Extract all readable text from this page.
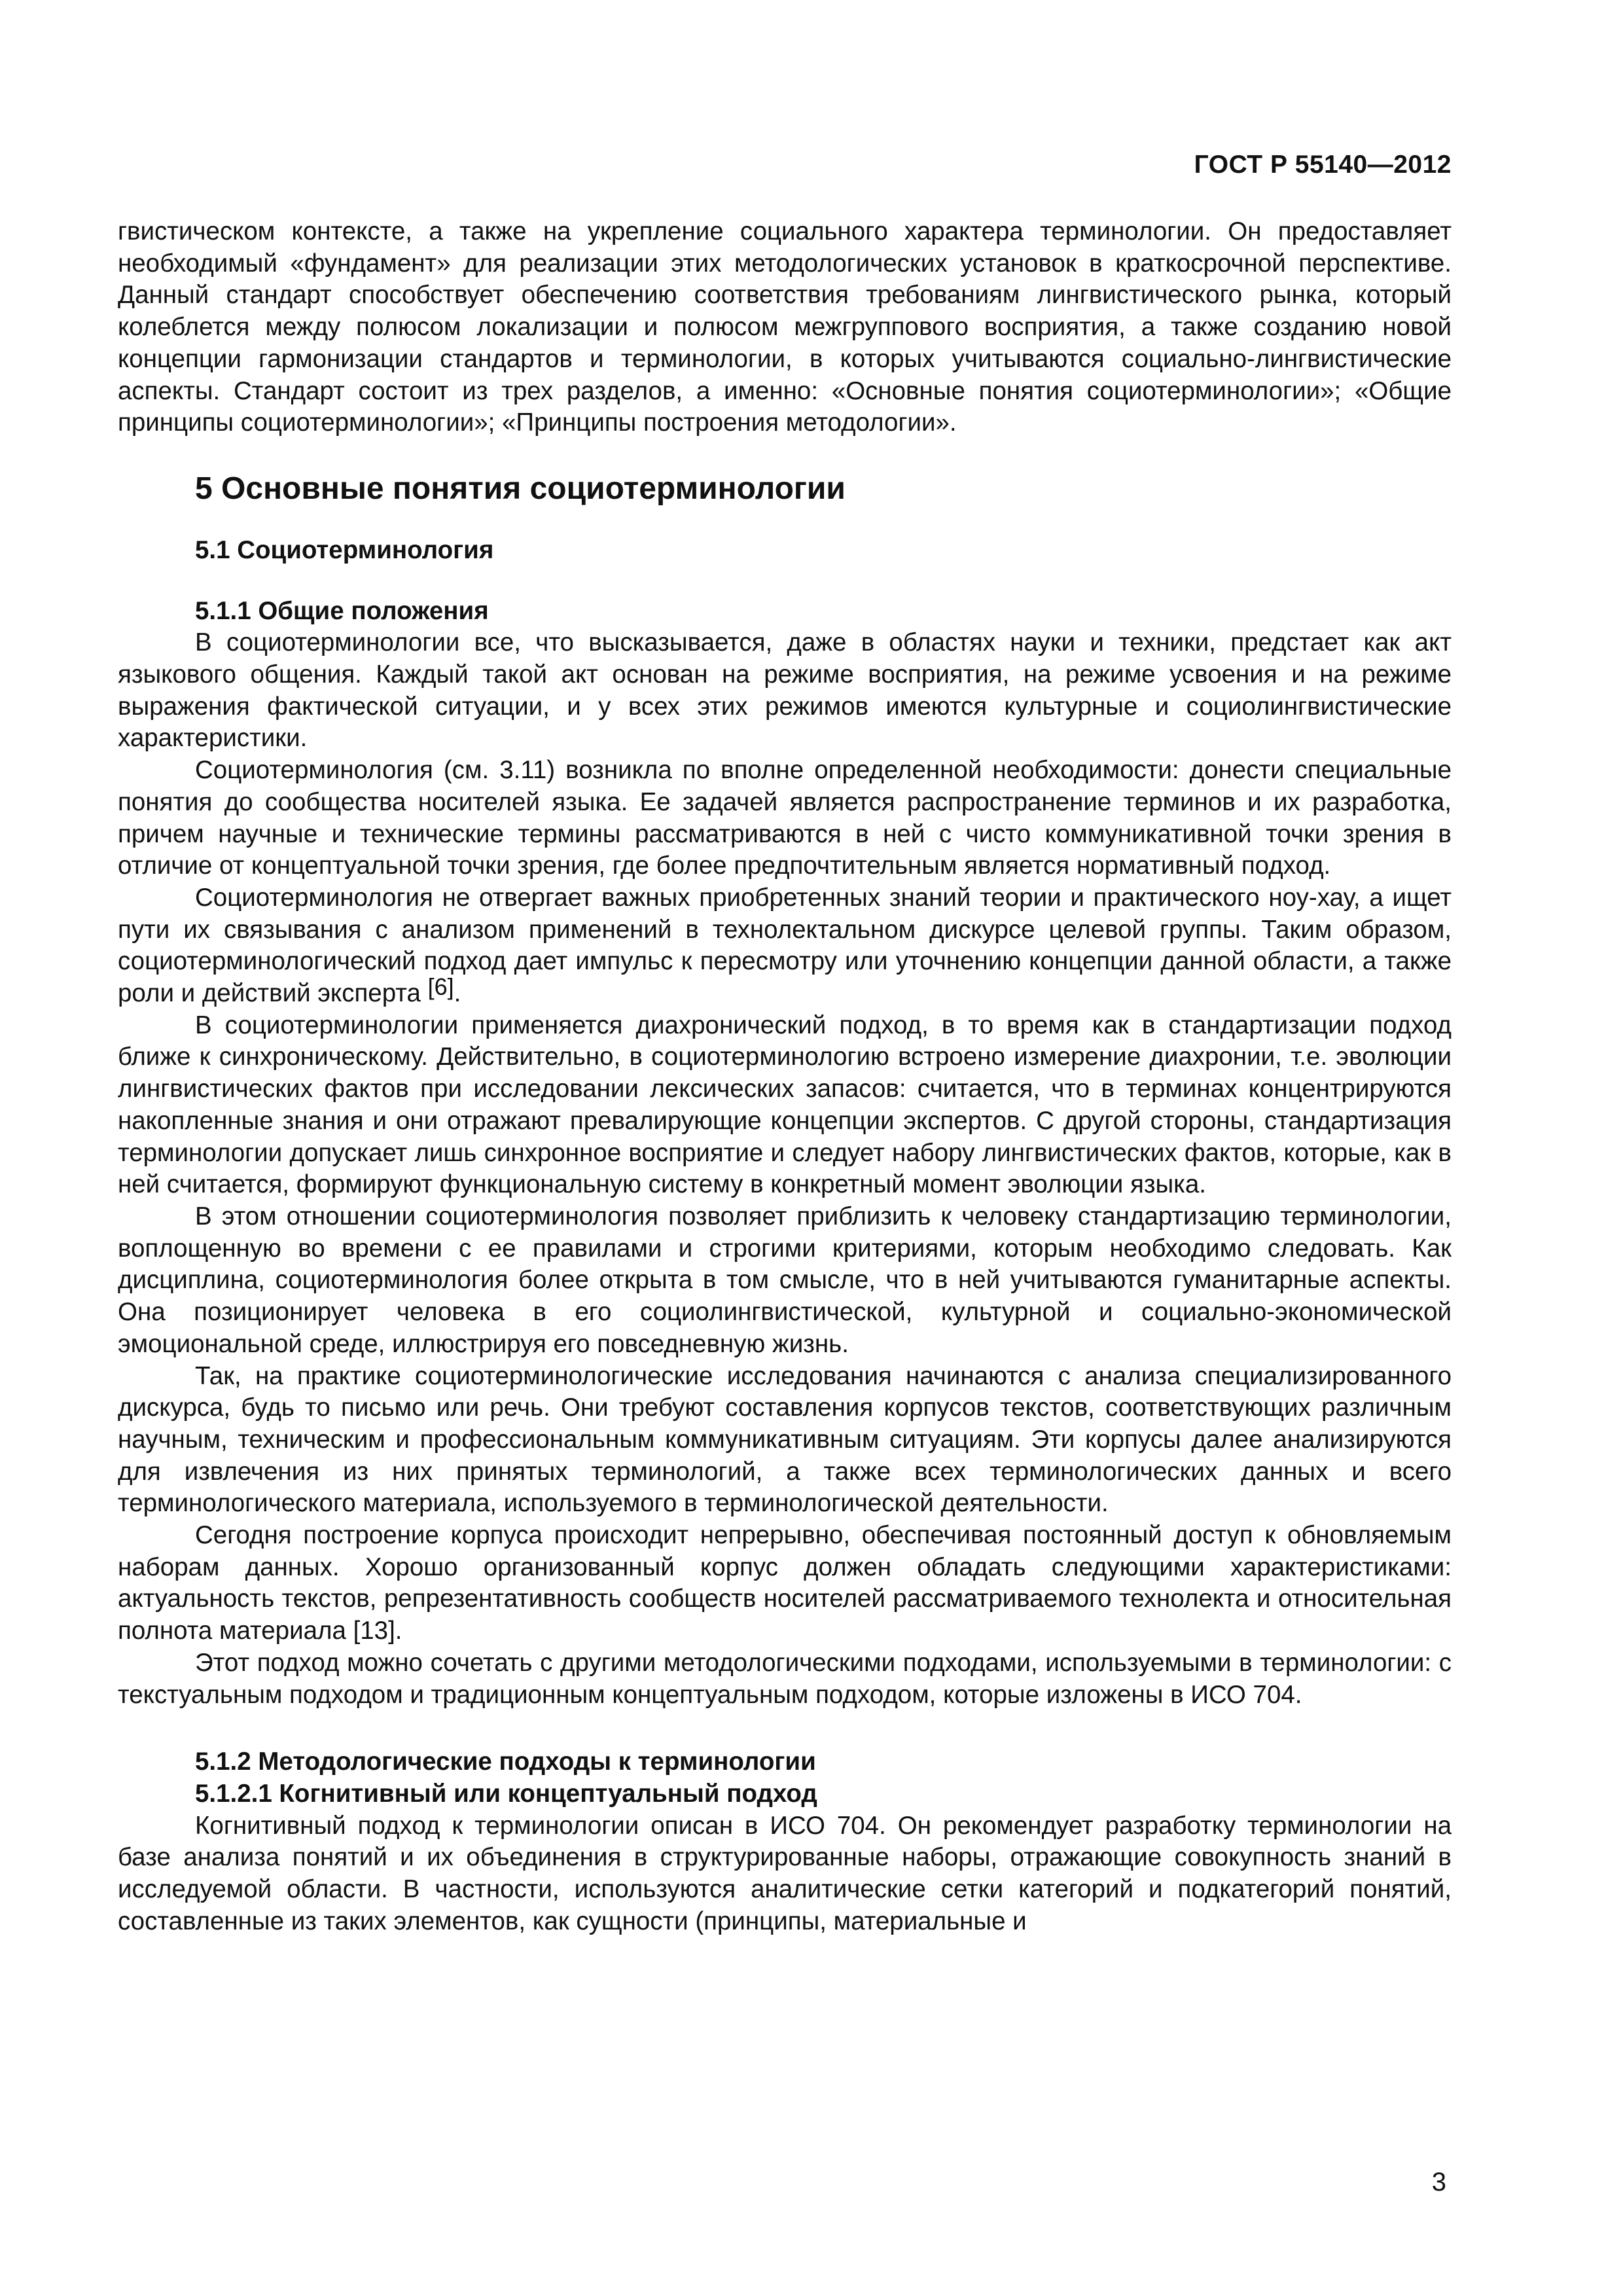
ГОСТ Р 55140—2012

гвистическом контексте, а также на укрепление социального характера терминологии. Он предоставляет необходимый «фундамент» для реализации этих методологических установок в краткосрочной перспективе. Данный стандарт способствует обеспечению соответствия требованиям лингвистического рынка, который колеблется между полюсом локализации и полюсом межгруппового восприятия, а также созданию новой концепции гармонизации стандартов и терминологии, в которых учитываются социально-лингвистические аспекты. Стандарт состоит из трех разделов, а именно: «Основные понятия социотерминологии»; «Общие принципы социотерминологии»; «Принципы построения методологии».

5 Основные понятия социотерминологии
5.1 Социотерминология
5.1.1 Общие положения

В социотерминологии все, что высказывается, даже в областях науки и техники, предстает как акт языкового общения. Каждый такой акт основан на режиме восприятия, на режиме усвоения и на режиме выражения фактической ситуации, и у всех этих режимов имеются культурные и социолингвистические характеристики.

Социотерминология (см. 3.11) возникла по вполне определенной необходимости: донести специальные понятия до сообщества носителей языка. Ее задачей является распространение терминов и их разработка, причем научные и технические термины рассматриваются в ней с чисто коммуникативной точки зрения в отличие от концептуальной точки зрения, где более предпочтительным является нормативный подход.

Социотерминология не отвергает важных приобретенных знаний теории и практического ноу-хау, а ищет пути их связывания с анализом применений в технолектальном дискурсе целевой группы. Таким образом, социотерминологический подход дает импульс к пересмотру или уточнению концепции данной области, а также роли и действий эксперта [6].

В социотерминологии применяется диахронический подход, в то время как в стандартизации подход ближе к синхроническому. Действительно, в социотерминологию встроено измерение диахронии, т.е. эволюции лингвистических фактов при исследовании лексических запасов: считается, что в терминах концентрируются накопленные знания и они отражают превалирующие концепции экспертов. С другой стороны, стандартизация терминологии допускает лишь синхронное восприятие и следует набору лингвистических фактов, которые, как в ней считается, формируют функциональную систему в конкретный момент эволюции языка.

В этом отношении социотерминология позволяет приблизить к человеку стандартизацию терминологии, воплощенную во времени с ее правилами и строгими критериями, которым необходимо следовать. Как дисциплина, социотерминология более открыта в том смысле, что в ней учитываются гуманитарные аспекты. Она позиционирует человека в его социолингвистической, культурной и социально-экономической эмоциональной среде, иллюстрируя его повседневную жизнь.

Так, на практике социотерминологические исследования начинаются с анализа специализированного дискурса, будь то письмо или речь. Они требуют составления корпусов текстов, соответствующих различным научным, техническим и профессиональным коммуникативным ситуациям. Эти корпусы далее анализируются для извлечения из них принятых терминологий, а также всех терминологических данных и всего терминологического материала, используемого в терминологической деятельности.

Сегодня построение корпуса происходит непрерывно, обеспечивая постоянный доступ к обновляемым наборам данных. Хорошо организованный корпус должен обладать следующими характеристиками: актуальность текстов, репрезентативность сообществ носителей рассматриваемого технолекта и относительная полнота материала [13].

Этот подход можно сочетать с другими методологическими подходами, используемыми в терминологии: с текстуальным подходом и традиционным концептуальным подходом, которые изложены в ИСО 704.

5.1.2 Методологические подходы к терминологии
5.1.2.1 Когнитивный или концептуальный подход

Когнитивный подход к терминологии описан в ИСО 704. Он рекомендует разработку терминологии на базе анализа понятий и их объединения в структурированные наборы, отражающие совокупность знаний в исследуемой области. В частности, используются аналитические сетки категорий и подкатегорий понятий, составленные из таких элементов, как сущности (принципы, материальные и

3
